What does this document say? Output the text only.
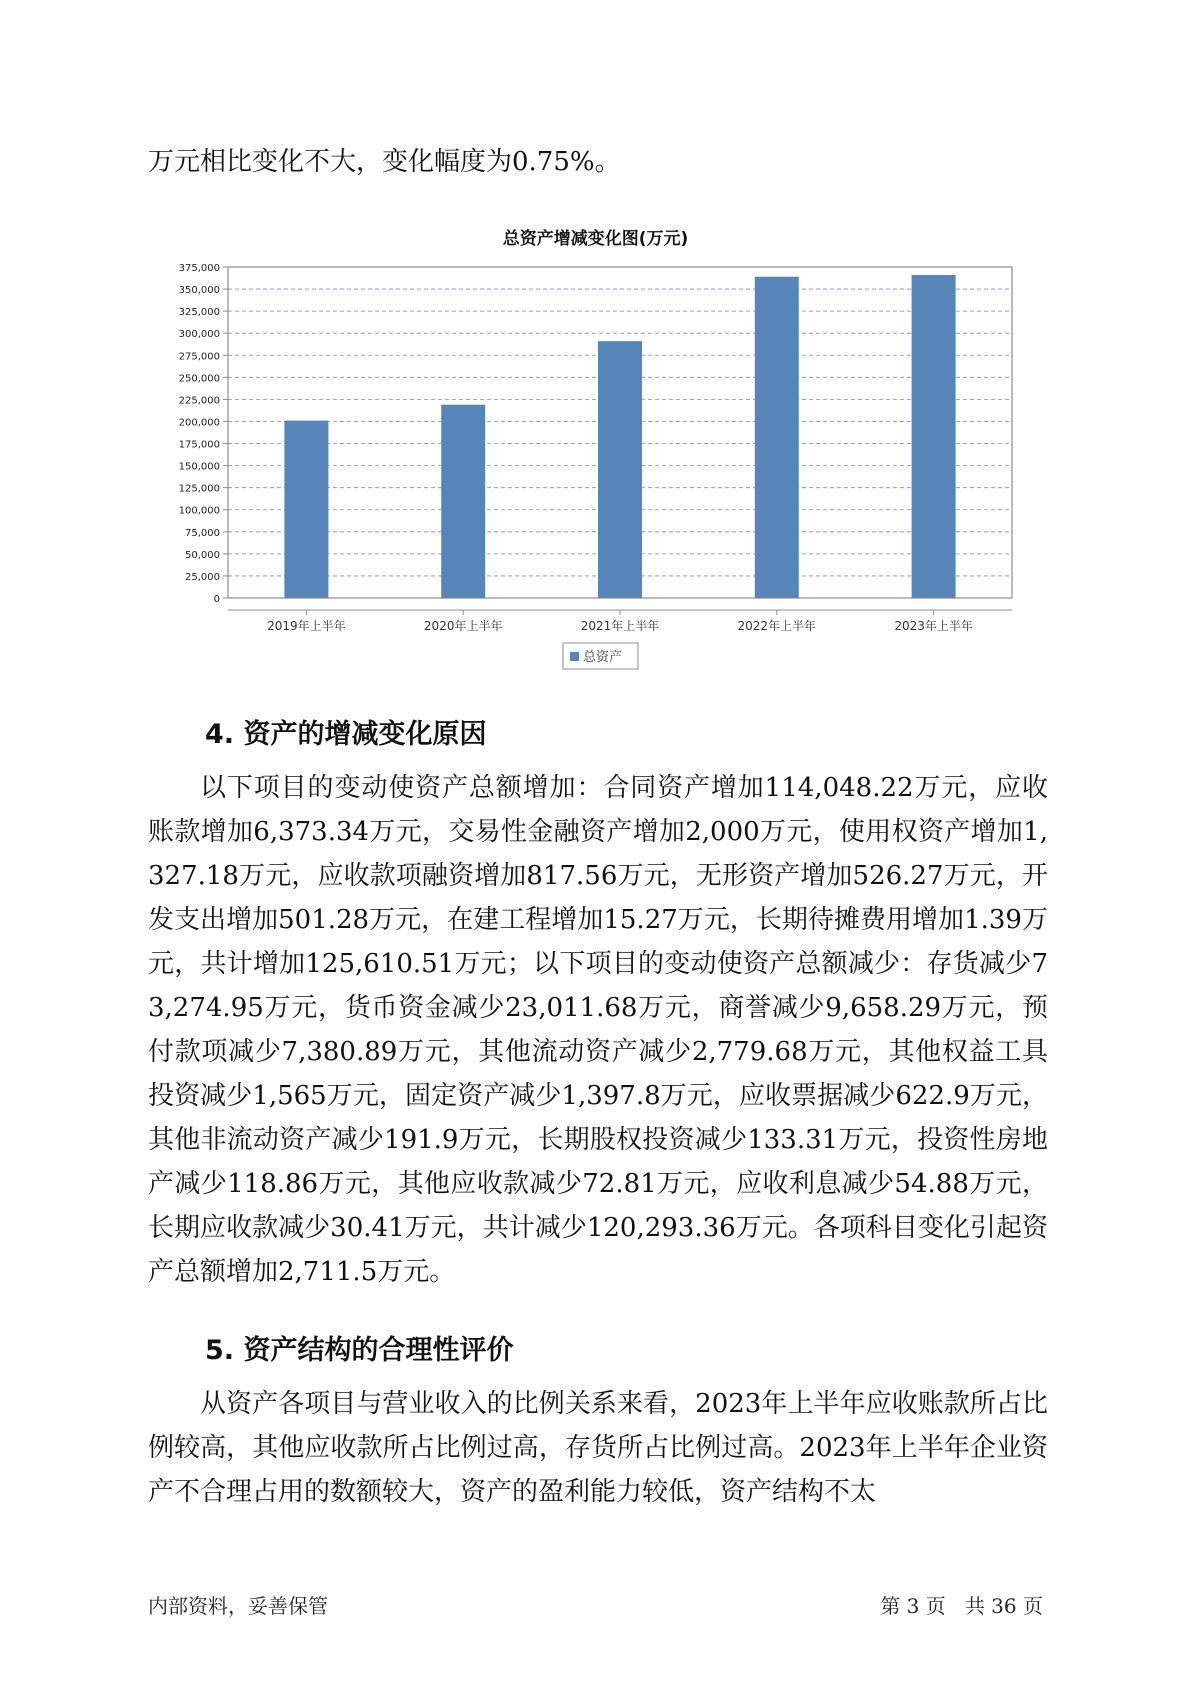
万元相比变化不大，变化幅度为0.75%。

总资产增减变化图(万元)
0
25,000
50,000
75,000
100,000
125,000
150,000
175,000
200,000
225,000
250,000
275,000
300,000
325,000
350,000
375,000
2019年上半年	2020年上半年	2021年上半年	2022年上半年	2023年上半年
总资产
4. 资产的增减变化原因

以下项目的变动使资产总额增加：合同资产增加114,048.22万元，应收账款增加6,373.34万元，交易性金融资产增加2,000万元，使用权资产增加1,327.18万元，应收款项融资增加817.56万元，无形资产增加526.27万元，开发支出增加501.28万元，在建工程增加15.27万元，长期待摊费用增加1.39万元，共计增加125,610.51万元；以下项目的变动使资产总额减少：存货减少73,274.95万元，货币资金减少23,011.68万元，商誉减少9,658.29万元，预付款项减少7,380.89万元，其他流动资产减少2,779.68万元，其他权益工具投资减少1,565万元，固定资产减少1,397.8万元，应收票据减少622.9万元，其他非流动资产减少191.9万元，长期股权投资减少133.31万元，投资性房地产减少118.86万元，其他应收款减少72.81万元，应收利息减少54.88万元，长期应收款减少30.41万元，共计减少120,293.36万元。各项科目变化引起资产总额增加2,711.5万元。

5. 资产结构的合理性评价

从资产各项目与营业收入的比例关系来看，2023年上半年应收账款所占比例较高，其他应收款所占比例过高，存货所占比例过高。2023年上半年企业资产不合理占用的数额较大，资产的盈利能力较低，资产结构不太

内部资料，妥善保管	第 3 页   共 36 页
